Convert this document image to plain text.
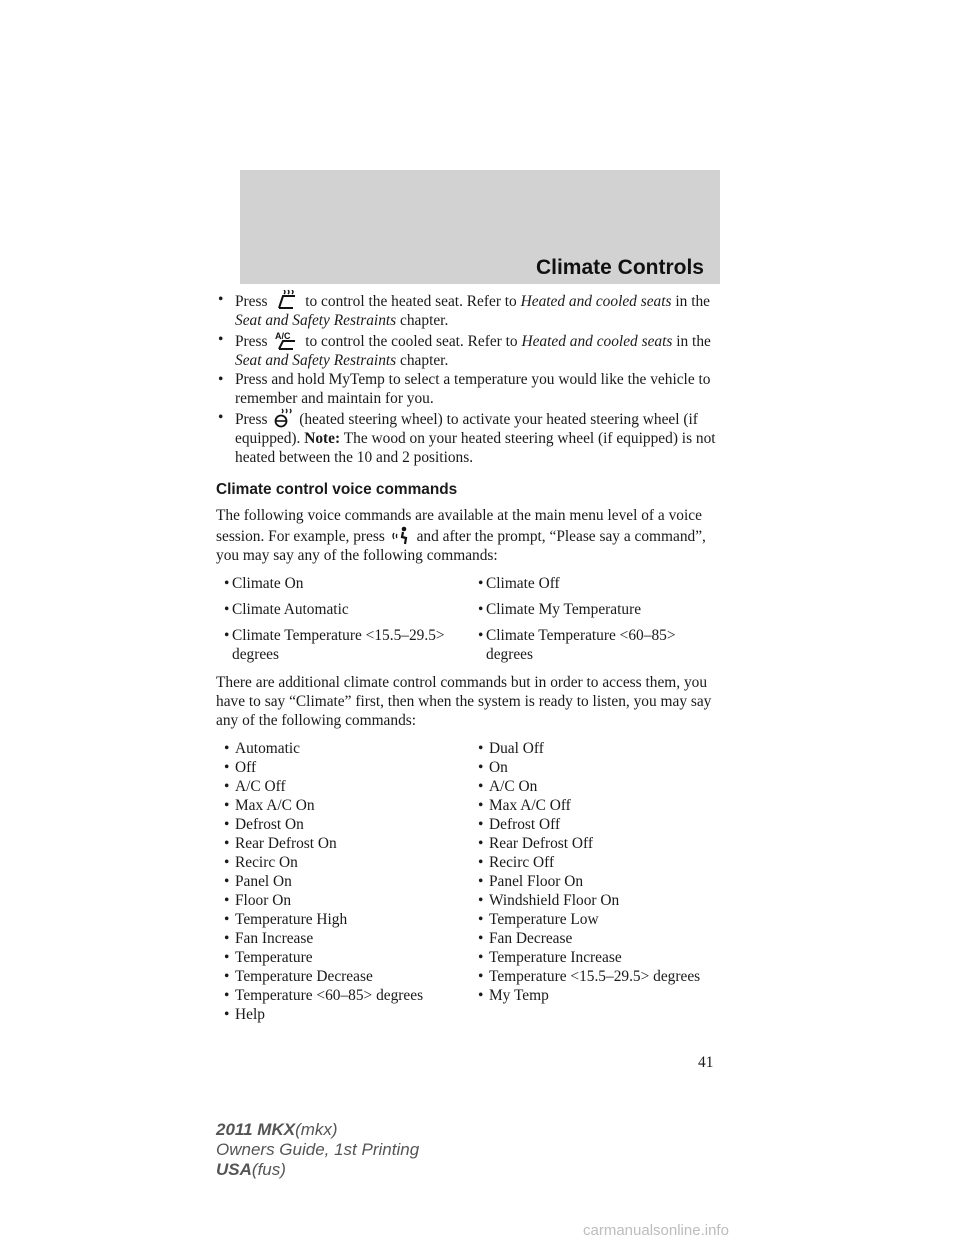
Climate Controls
• Press to control the heated seat. Refer to Heated and cooled seats in the Seat and Safety Restraints chapter.
• Press A/C to control the cooled seat. Refer to Heated and cooled seats in the Seat and Safety Restraints chapter.
• Press and hold MyTemp to select a temperature you would like the vehicle to remember and maintain for you.
• Press (heated steering wheel) to activate your heated steering wheel (if equipped). Note: The wood on your heated steering wheel (if equipped) is not heated between the 10 and 2 positions.
Climate control voice commands

The following voice commands are available at the main menu level of a voice session. For example, press and after the prompt, “Please say a command”, you may say any of the following commands:

• Climate On	• Climate Off
• Climate Automatic	• Climate My Temperature
• Climate Temperature <15.5–29.5> degrees
• Climate Temperature <60–85> degrees

There are additional climate control commands but in order to access them, you have to say “Climate” first, then when the system is ready to listen, you may say any of the following commands:

• Automatic	• Dual Off
• Off	• On
• A/C Off	• A/C On
• Max A/C On	• Max A/C Off
• Defrost On	• Defrost Off
• Rear Defrost On	• Rear Defrost Off
• Recirc On	• Recirc Off
• Panel On	• Panel Floor On
• Floor On	• Windshield Floor On
• Temperature High	• Temperature Low
• Fan Increase	• Fan Decrease
• Temperature	• Temperature Increase
• Temperature Decrease	• Temperature <15.5–29.5> degrees
• Temperature <60–85> degrees	• My Temp
• Help
41
2011 MKX(mkx)
Owners Guide, 1st Printing
USA(fus)
carmanualsonline.info
